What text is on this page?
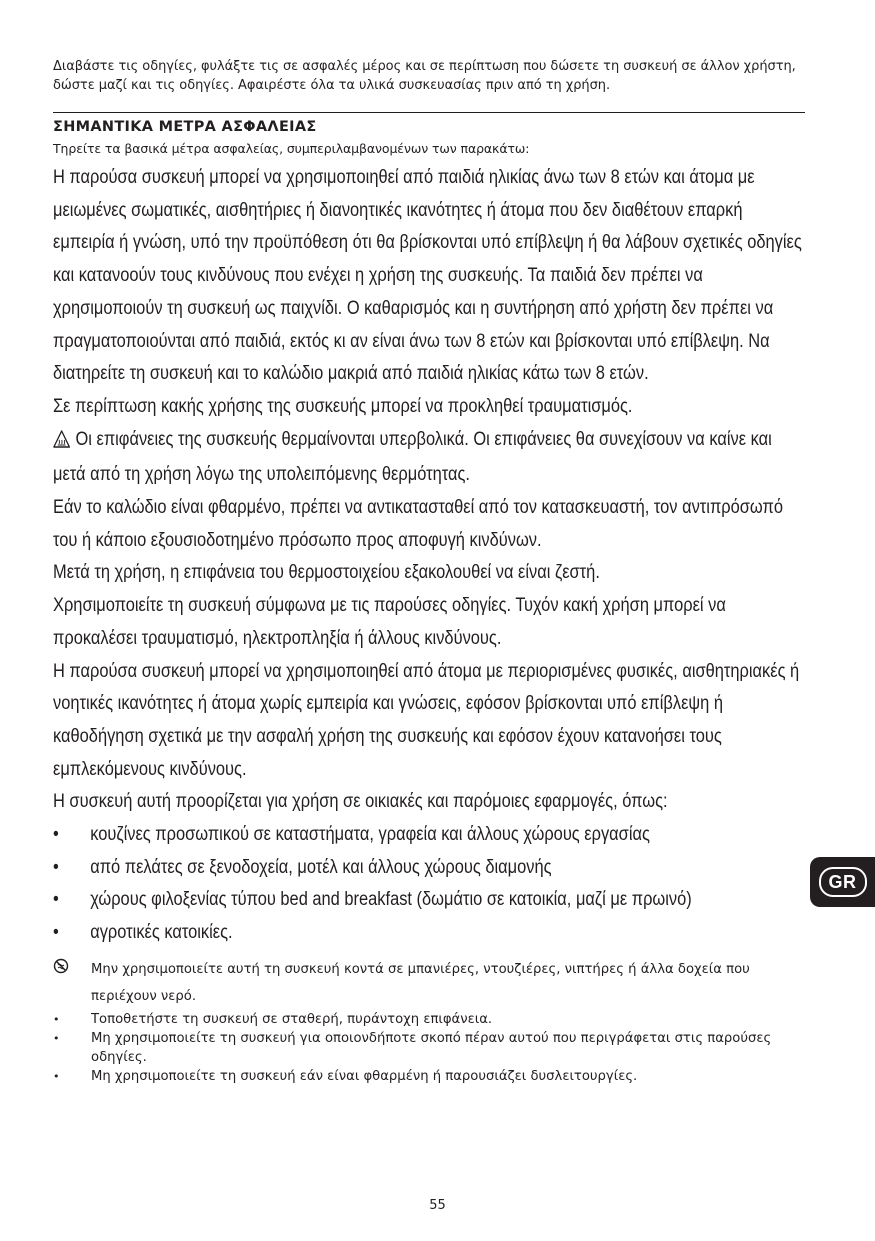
Διαβάστε τις οδηγίες, φυλάξτε τις σε ασφαλές μέρος και σε περίπτωση που δώσετε τη συσκευή σε άλλον χρήστη, δώστε μαζί και τις οδηγίες. Αφαιρέστε όλα τα υλικά συσκευασίας πριν από τη χρήση.

ΣΗΜΑΝΤΙΚΑ ΜΕΤΡΑ ΑΣΦΑΛΕΙΑΣ

Τηρείτε τα βασικά μέτρα ασφαλείας, συμπεριλαμβανομένων των παρακάτω:

Η παρούσα συσκευή μπορεί να χρησιμοποιηθεί από παιδιά ηλικίας άνω των 8 ετών και άτομα με μειωμένες σωματικές, αισθητήριες ή διανοητικές ικανότητες ή άτομα που δεν διαθέτουν επαρκή εμπειρία ή γνώση, υπό την προϋπόθεση ότι θα βρίσκονται υπό επίβλεψη ή θα λάβουν σχετικές οδηγίες και κατανοούν τους κινδύνους που ενέχει η χρήση της συσκευής. Τα παιδιά δεν πρέπει να χρησιμοποιούν τη συσκευή ως παιχνίδι. Ο καθαρισμός και η συντήρηση από χρήστη δεν πρέπει να πραγματοποιούνται από παιδιά, εκτός κι αν είναι άνω των 8 ετών και βρίσκονται υπό επίβλεψη. Να διατηρείτε τη συσκευή και το καλώδιο μακριά από παιδιά ηλικίας κάτω των 8 ετών.

Σε περίπτωση κακής χρήσης της συσκευής μπορεί να προκληθεί τραυματισμός.

Οι επιφάνειες της συσκευής θερμαίνονται υπερβολικά. Οι επιφάνειες θα συνεχίσουν να καίνε και μετά από τη χρήση λόγω της υπολειπόμενης θερμότητας.

Εάν το καλώδιο είναι φθαρμένο, πρέπει να αντικατασταθεί από τον κατασκευαστή, τον αντιπρόσωπό του ή κάποιο εξουσιοδοτημένο πρόσωπο προς αποφυγή κινδύνων.

Μετά τη χρήση, η επιφάνεια του θερμοστοιχείου εξακολουθεί να είναι ζεστή.

Χρησιμοποιείτε τη συσκευή σύμφωνα με τις παρούσες οδηγίες. Τυχόν κακή χρήση μπορεί να προκαλέσει τραυματισμό, ηλεκτροπληξία ή άλλους κινδύνους.

Η παρούσα συσκευή μπορεί να χρησιμοποιηθεί από άτομα με περιορισμένες φυσικές, αισθητηριακές ή νοητικές ικανότητες ή άτομα χωρίς εμπειρία και γνώσεις, εφόσον βρίσκονται υπό επίβλεψη ή καθοδήγηση σχετικά με την ασφαλή χρήση της συσκευής και εφόσον έχουν κατανοήσει τους εμπλεκόμενους κινδύνους.

Η συσκευή αυτή προορίζεται για χρήση σε οικιακές και παρόμοιες εφαρμογές, όπως:

• κουζίνες προσωπικού σε καταστήματα, γραφεία και άλλους χώρους εργασίας

• από πελάτες σε ξενοδοχεία, μοτέλ και άλλους χώρους διαμονής

• χώρους φιλοξενίας τύπου bed and breakfast (δωμάτιο σε κατοικία, μαζί με πρωινό)

• αγροτικές κατοικίες.

Μην χρησιμοποιείτε αυτή τη συσκευή κοντά σε μπανιέρες, ντουζιέρες, νιπτήρες ή άλλα δοχεία που περιέχουν νερό.

• Τοποθετήστε τη συσκευή σε σταθερή, πυράντοχη επιφάνεια.

• Μη χρησιμοποιείτε τη συσκευή για οποιονδήποτε σκοπό πέραν αυτού που περιγράφεται στις παρούσες οδηγίες.

• Μη χρησιμοποιείτε τη συσκευή εάν είναι φθαρμένη ή παρουσιάζει δυσλειτουργίες.

GR
55
